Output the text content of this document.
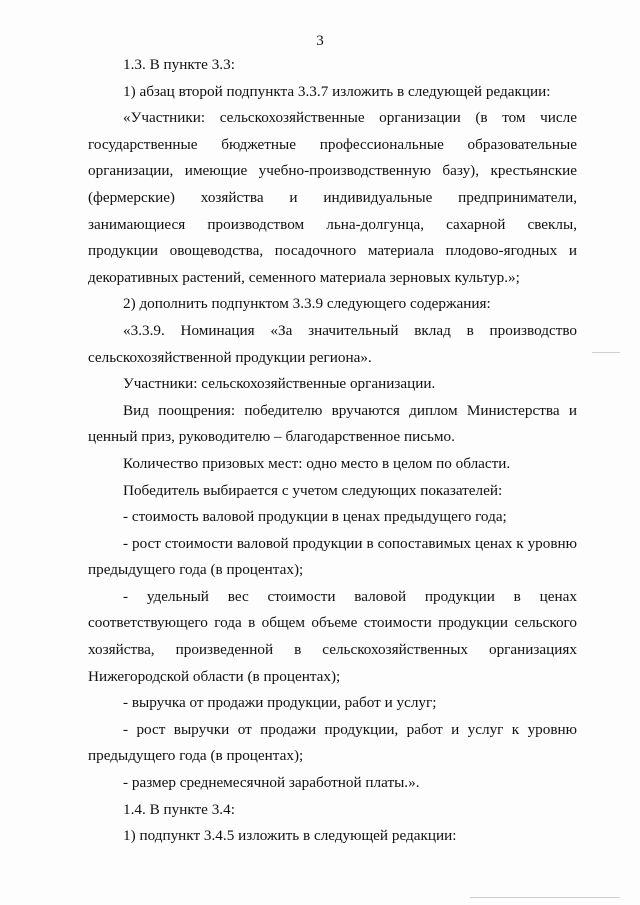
3

1.3. В пункте 3.3:

1) абзац второй подпункта 3.3.7 изложить в следующей редакции:

«Участники: сельскохозяйственные организации (в том числе государственные бюджетные профессиональные образовательные организации, имеющие учебно-производственную базу), крестьянские (фермерские) хозяйства и индивидуальные предприниматели, занимающиеся производством льна-долгунца, сахарной свеклы, продукции овощеводства, посадочного материала плодово-ягодных и декоративных растений, семенного материала зерновых культур.»;

2) дополнить подпунктом 3.3.9 следующего содержания:

«3.3.9. Номинация «За значительный вклад в производство сельскохозяйственной продукции региона».

Участники: сельскохозяйственные организации.

Вид поощрения: победителю вручаются диплом Министерства и ценный приз, руководителю – благодарственное письмо.

Количество призовых мест: одно место в целом по области.

Победитель выбирается с учетом следующих показателей:

- стоимость валовой продукции в ценах предыдущего года;

- рост стоимости валовой продукции в сопоставимых ценах к уровню предыдущего года (в процентах);

- удельный вес стоимости валовой продукции в ценах соответствующего года в общем объеме стоимости продукции сельского хозяйства, произведенной в сельскохозяйственных организациях Нижегородской области (в процентах);

- выручка от продажи продукции, работ и услуг;

- рост выручки от продажи продукции, работ и услуг к уровню предыдущего года (в процентах);

- размер среднемесячной заработной платы.».

1.4. В пункте 3.4:

1) подпункт 3.4.5 изложить в следующей редакции:
